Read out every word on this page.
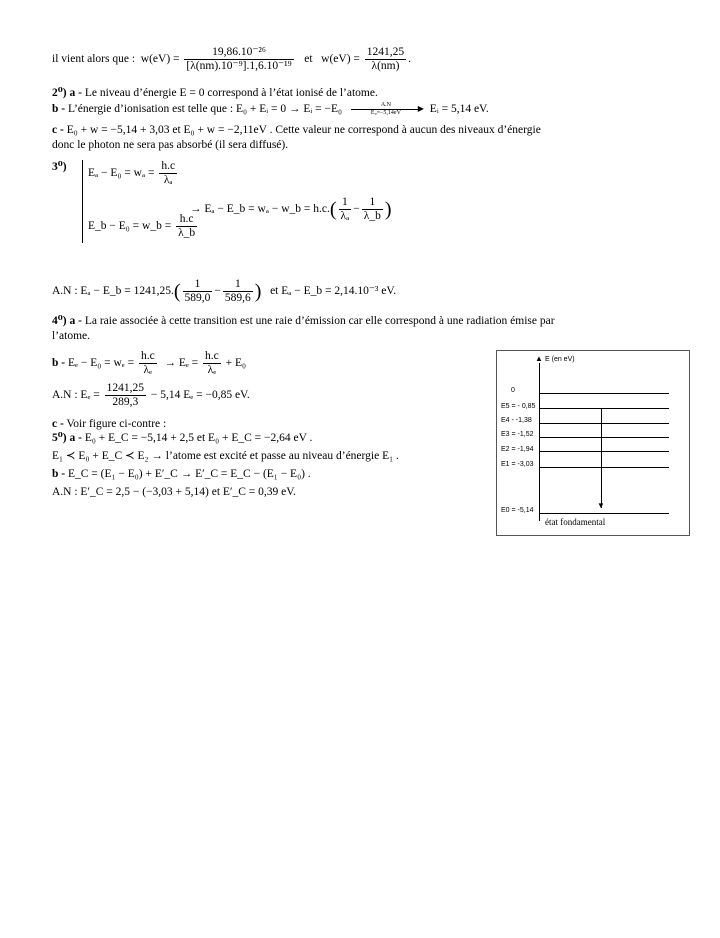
il vient alors que : $w(eV) = \frac{\text{19,86.10⁻²⁶}}{\text{[λ(nm).10⁻⁹].1,6.10⁻¹⁹}}$ et $w(eV) = \frac{1241,25}{\lambda(nm)}$ .
2⁰) a - Le niveau d’énergie E = 0 correspond à l’état ionisé de l’atome.
b - L’énergie d’ionisation est telle que : E₀ + Eᵢ = 0 → Eᵢ = −E₀	A.N	▶
E₀=−5,14eV	Eᵢ = 5,14 eV.
c - E₀ + w = −5,14 + 3,03 et E₀ + w = −2,11eV . Cette valeur ne correspond à aucun des niveaux d’énergie
donc le photon ne sera pas absorbé (il sera diffusé).
3⁰)
$E_a - E_0 = w_a = \frac{h.c}{\text{λₐ}}$
E_b − E₀ = w_b = $\frac{h.c}{\lambda\_b}$
→ Eₐ − E_b = wₐ − w_b = $h.c.( \frac{1}{\text{λₐ}} - \frac{1}{\lambda\_b}$ )
A.N : Eₐ − E_b = $1241,25.( \frac{1}{589,0} - \frac{1}{589,6}$ ) et Eₐ − E_b = 2,14.10⁻³ eV.
4⁰) a - La raie associée à cette transition est une raie d’émission car elle correspond à une radiation émise par
l’atome.
$b - E_e - E_0 = w_e = \frac{h.c}{\text{λₑ}} \to E_e = \frac{h.c}{\text{λₑ}} + E_0$
A.N : $E_e = \frac{1241,25}{289,3} - 5,14$ Eₑ = −0,85 eV.
c - Voir figure ci-contre :
5⁰) a - E₀ + E_C = −5,14 + 2,5 et E₀ + E_C = −2,64 eV .
E₁ ≺ E₀ + E_C ≺ E₂ → l’atome est excité et passe au niveau d’énergie E₁ .
b - E_C = (E₁ − E₀) + E′_C → E′_C = E_C − (E₁ − E₀) .
A.N : E′_C = 2,5 − (−3,03 + 5,14) et E′_C = 0,39 eV.
▲ E (en eV)
0
E5 = - 0,85
E4 - -1,38
E3 = -1,52
E2 = -1,94
E1 = -3,03
E0 = -5,14
▼
état fondamental
